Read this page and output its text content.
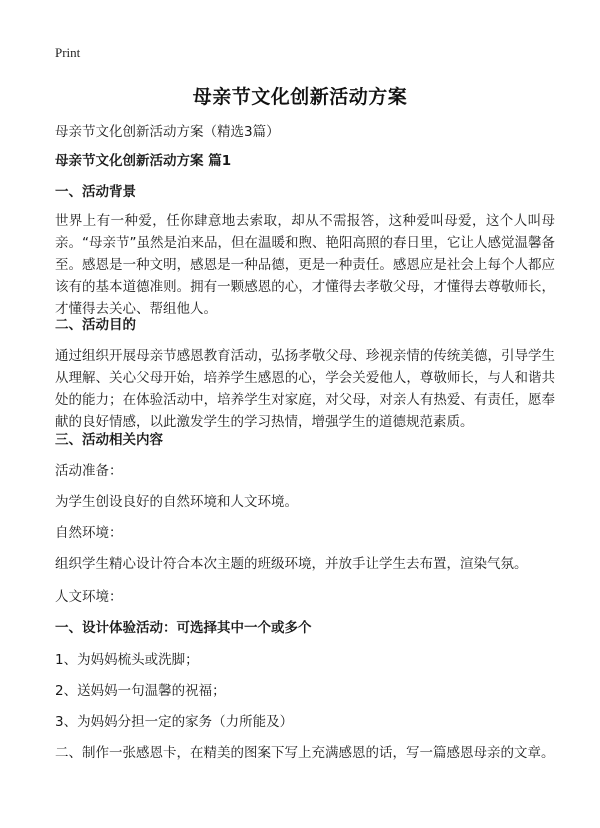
Print
母亲节文化创新活动方案
母亲节文化创新活动方案（精选3篇）
母亲节文化创新活动方案 篇1
一、活动背景
世界上有一种爱，任你肆意地去索取，却从不需报答，这种爱叫母爱，这个人叫母亲。“母亲节”虽然是泊来品，但在温暖和煦、艳阳高照的春日里，它让人感觉温馨备至。感恩是一种文明，感恩是一种品德，更是一种责任。感恩应是社会上每个人都应该有的基本道德准则。拥有一颗感恩的心，才懂得去孝敬父母，才懂得去尊敬师长，才懂得去关心、帮组他人。
二、活动目的
通过组织开展母亲节感恩教育活动，弘扬孝敬父母、珍视亲情的传统美德，引导学生从理解、关心父母开始，培养学生感恩的心，学会关爱他人，尊敬师长，与人和谐共处的能力；在体验活动中，培养学生对家庭，对父母，对亲人有热爱、有责任，愿奉献的良好情感，以此激发学生的学习热情，增强学生的道德规范素质。
三、活动相关内容
活动准备：
为学生创设良好的自然环境和人文环境。
自然环境：
组织学生精心设计符合本次主题的班级环境，并放手让学生去布置，渲染气氛。
人文环境：
一、设计体验活动：可选择其中一个或多个
1、为妈妈梳头或洗脚；
2、送妈妈一句温馨的祝福；
3、为妈妈分担一定的家务（力所能及）
二、制作一张感恩卡，在精美的图案下写上充满感恩的话，写一篇感恩母亲的文章。
